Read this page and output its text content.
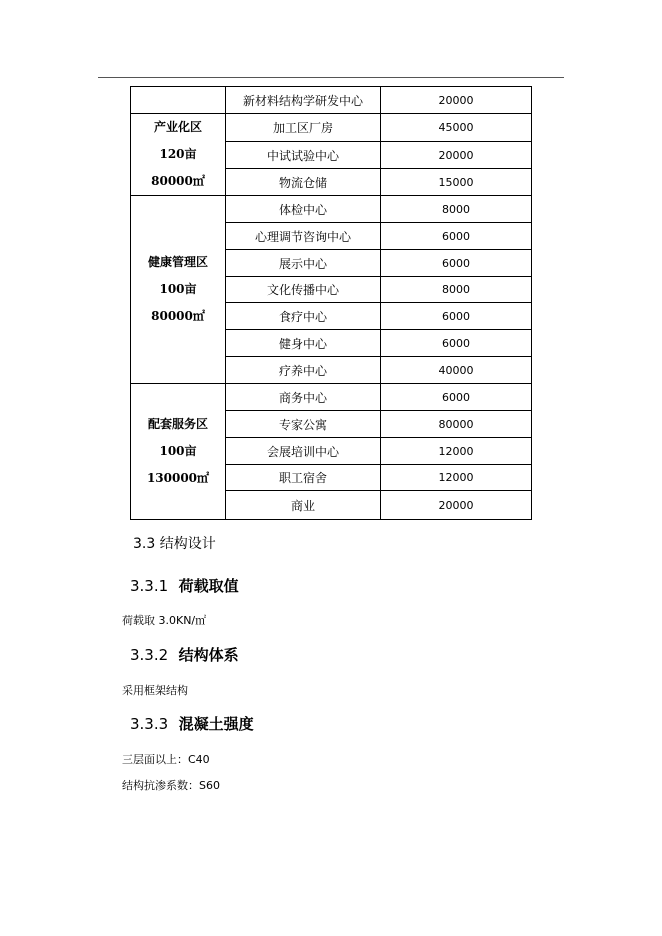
	新材料结构学研发中心	20000

产业化区
120亩
80000㎡	加工区厂房	45000
	中试试验中心	20000
	物流仓储	15000

健康管理区
100亩
80000㎡	体检中心	8000
	心理调节咨询中心	6000
	展示中心	6000
	文化传播中心	8000
	食疗中心	6000
	健身中心	6000
	疗养中心	40000

配套服务区
100亩
130000㎡	商务中心	6000
	专家公寓	80000
	会展培训中心	12000
	职工宿舍	12000
	商业	20000
3.3 结构设计
3.3.1 荷载取值
荷载取 3.0KN/㎡
3.3.2 结构体系
采用框架结构
3.3.3 混凝土强度
三层面以上：C40
结构抗渗系数：S60
